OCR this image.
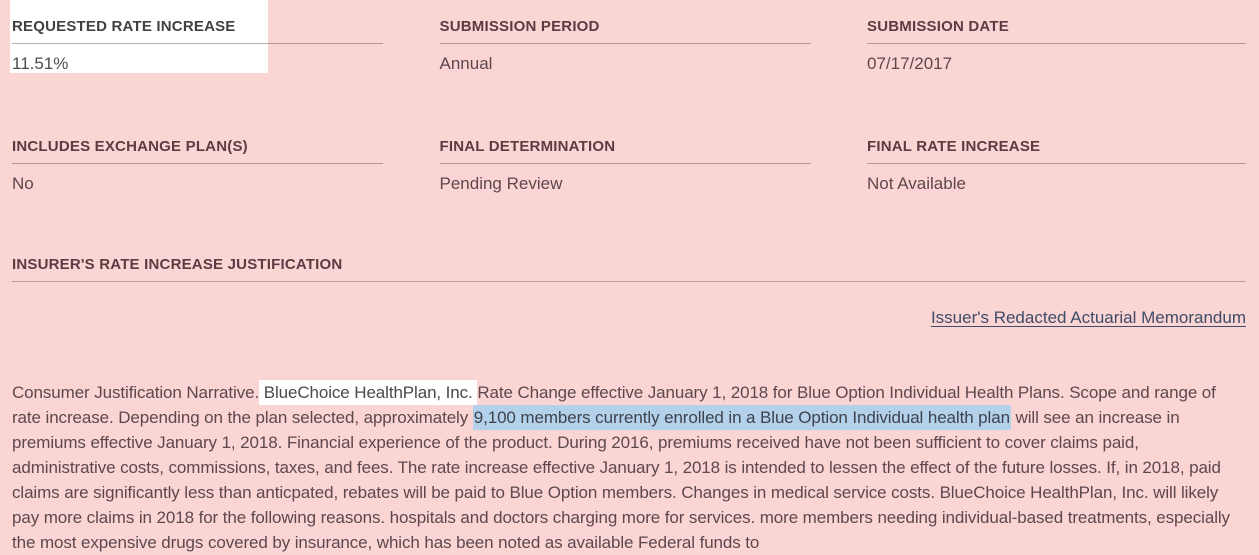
REQUESTED RATE INCREASE
11.51%
SUBMISSION PERIOD
Annual
SUBMISSION DATE
07/17/2017
INCLUDES EXCHANGE PLAN(S)
No
FINAL DETERMINATION
Pending Review
FINAL RATE INCREASE
Not Available
INSURER'S RATE INCREASE JUSTIFICATION
Issuer's Redacted Actuarial Memorandum
Consumer Justification Narrative. BlueChoice HealthPlan, Inc. Rate Change effective January 1, 2018 for Blue Option Individual Health Plans. Scope and range of rate increase. Depending on the plan selected, approximately 9,100 members currently enrolled in a Blue Option Individual health plan will see an increase in premiums effective January 1, 2018. Financial experience of the product. During 2016, premiums received have not been sufficient to cover claims paid, administrative costs, commissions, taxes, and fees. The rate increase effective January 1, 2018 is intended to lessen the effect of the future losses. If, in 2018, paid claims are significantly less than anticpated, rebates will be paid to Blue Option members. Changes in medical service costs. BlueChoice HealthPlan, Inc. will likely pay more claims in 2018 for the following reasons. hospitals and doctors charging more for services. more members needing individual-based treatments, especially the most expensive drugs covered by insurance, which has been noted as available Federal funds to
